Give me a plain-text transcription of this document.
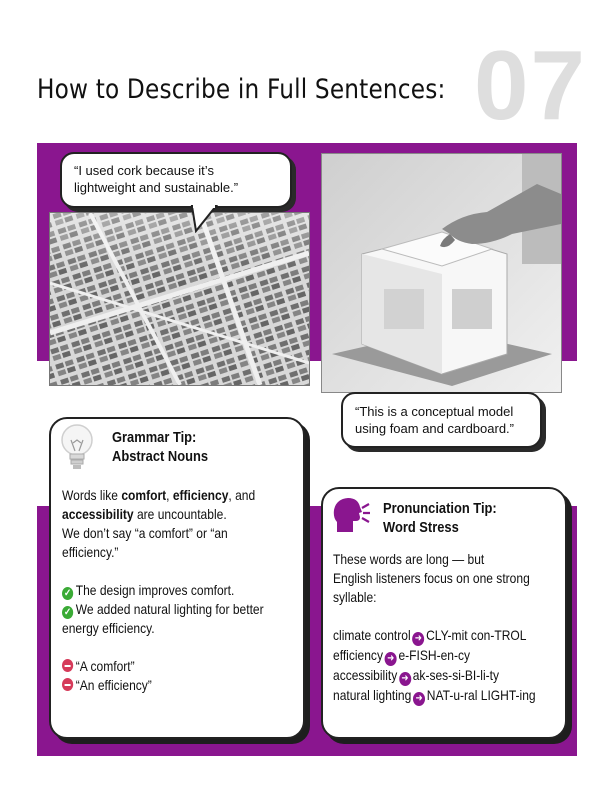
How to Describe in Full Sentences: 07
“I used cork because it’s
lightweight and sustainable.”
“This is a conceptual model
using foam and cardboard.”
Grammar Tip:
Abstract Nouns
Words like comfort, efficiency, and
accessibility are uncountable.
We don’t say “a comfort” or “an
efficiency.”
✓ The design improves comfort.
✓ We added natural lighting for better
energy efficiency.
“A comfort”
“An efficiency”
Pronunciation Tip:
Word Stress
These words are long — but
English listeners focus on one strong
syllable:
climate control ➜ CLY-mit con-TROL
efficiency ➜ e-FISH-en-cy
accessibility ➜ ak-ses-si-BI-li-ty
natural lighting ➜ NAT-u-ral LIGHT-ing
